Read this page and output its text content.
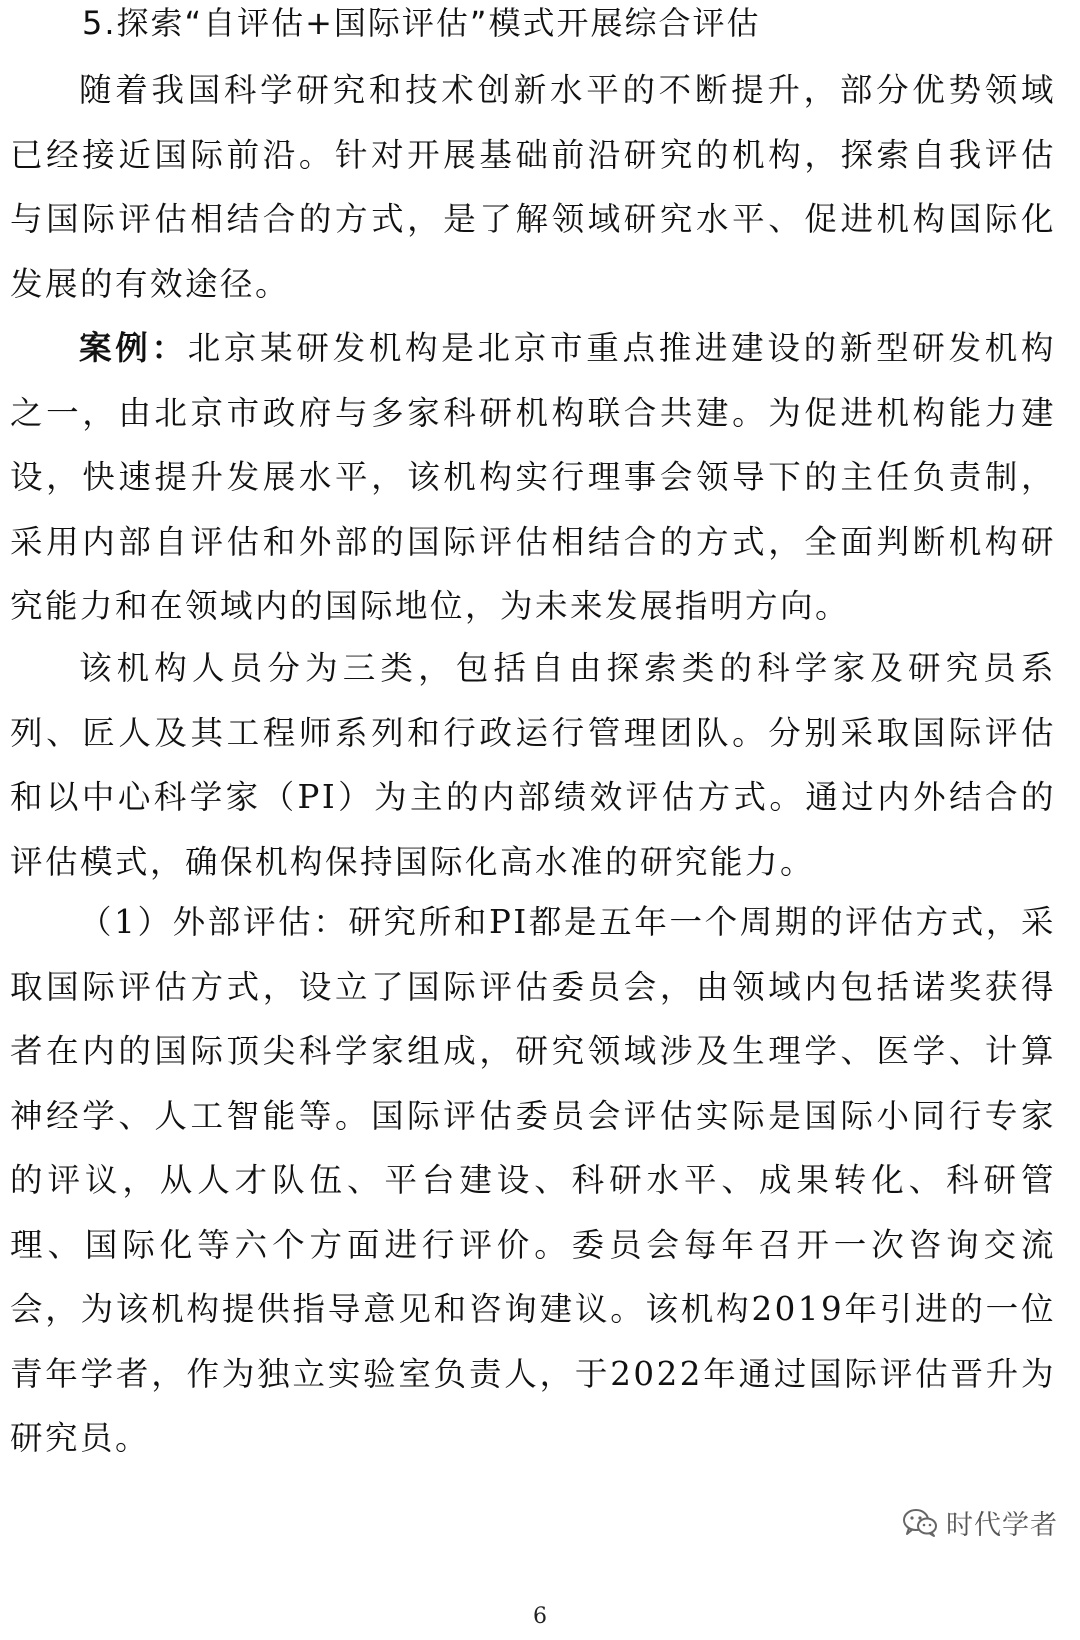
5.探索“自评估+国际评估”模式开展综合评估

随着我国科学研究和技术创新水平的不断提升，部分优势领域已经接近国际前沿。针对开展基础前沿研究的机构，探索自我评估与国际评估相结合的方式，是了解领域研究水平、促进机构国际化发展的有效途径。

案例：北京某研发机构是北京市重点推进建设的新型研发机构之一，由北京市政府与多家科研机构联合共建。为促进机构能力建设，快速提升发展水平，该机构实行理事会领导下的主任负责制，采用内部自评估和外部的国际评估相结合的方式，全面判断机构研究能力和在领域内的国际地位，为未来发展指明方向。

该机构人员分为三类，包括自由探索类的科学家及研究员系列、匠人及其工程师系列和行政运行管理团队。分别采取国际评估和以中心科学家（PI）为主的内部绩效评估方式。通过内外结合的评估模式，确保机构保持国际化高水准的研究能力。

（1）外部评估：研究所和PI都是五年一个周期的评估方式，采取国际评估方式，设立了国际评估委员会，由领域内包括诺奖获得者在内的国际顶尖科学家组成，研究领域涉及生理学、医学、计算神经学、人工智能等。国际评估委员会评估实际是国际小同行专家的评议，从人才队伍、平台建设、科研水平、成果转化、科研管理、国际化等六个方面进行评价。委员会每年召开一次咨询交流会，为该机构提供指导意见和咨询建议。该机构2019年引进的一位青年学者，作为独立实验室负责人，于2022年通过国际评估晋升为研究员。

时代学者
6
